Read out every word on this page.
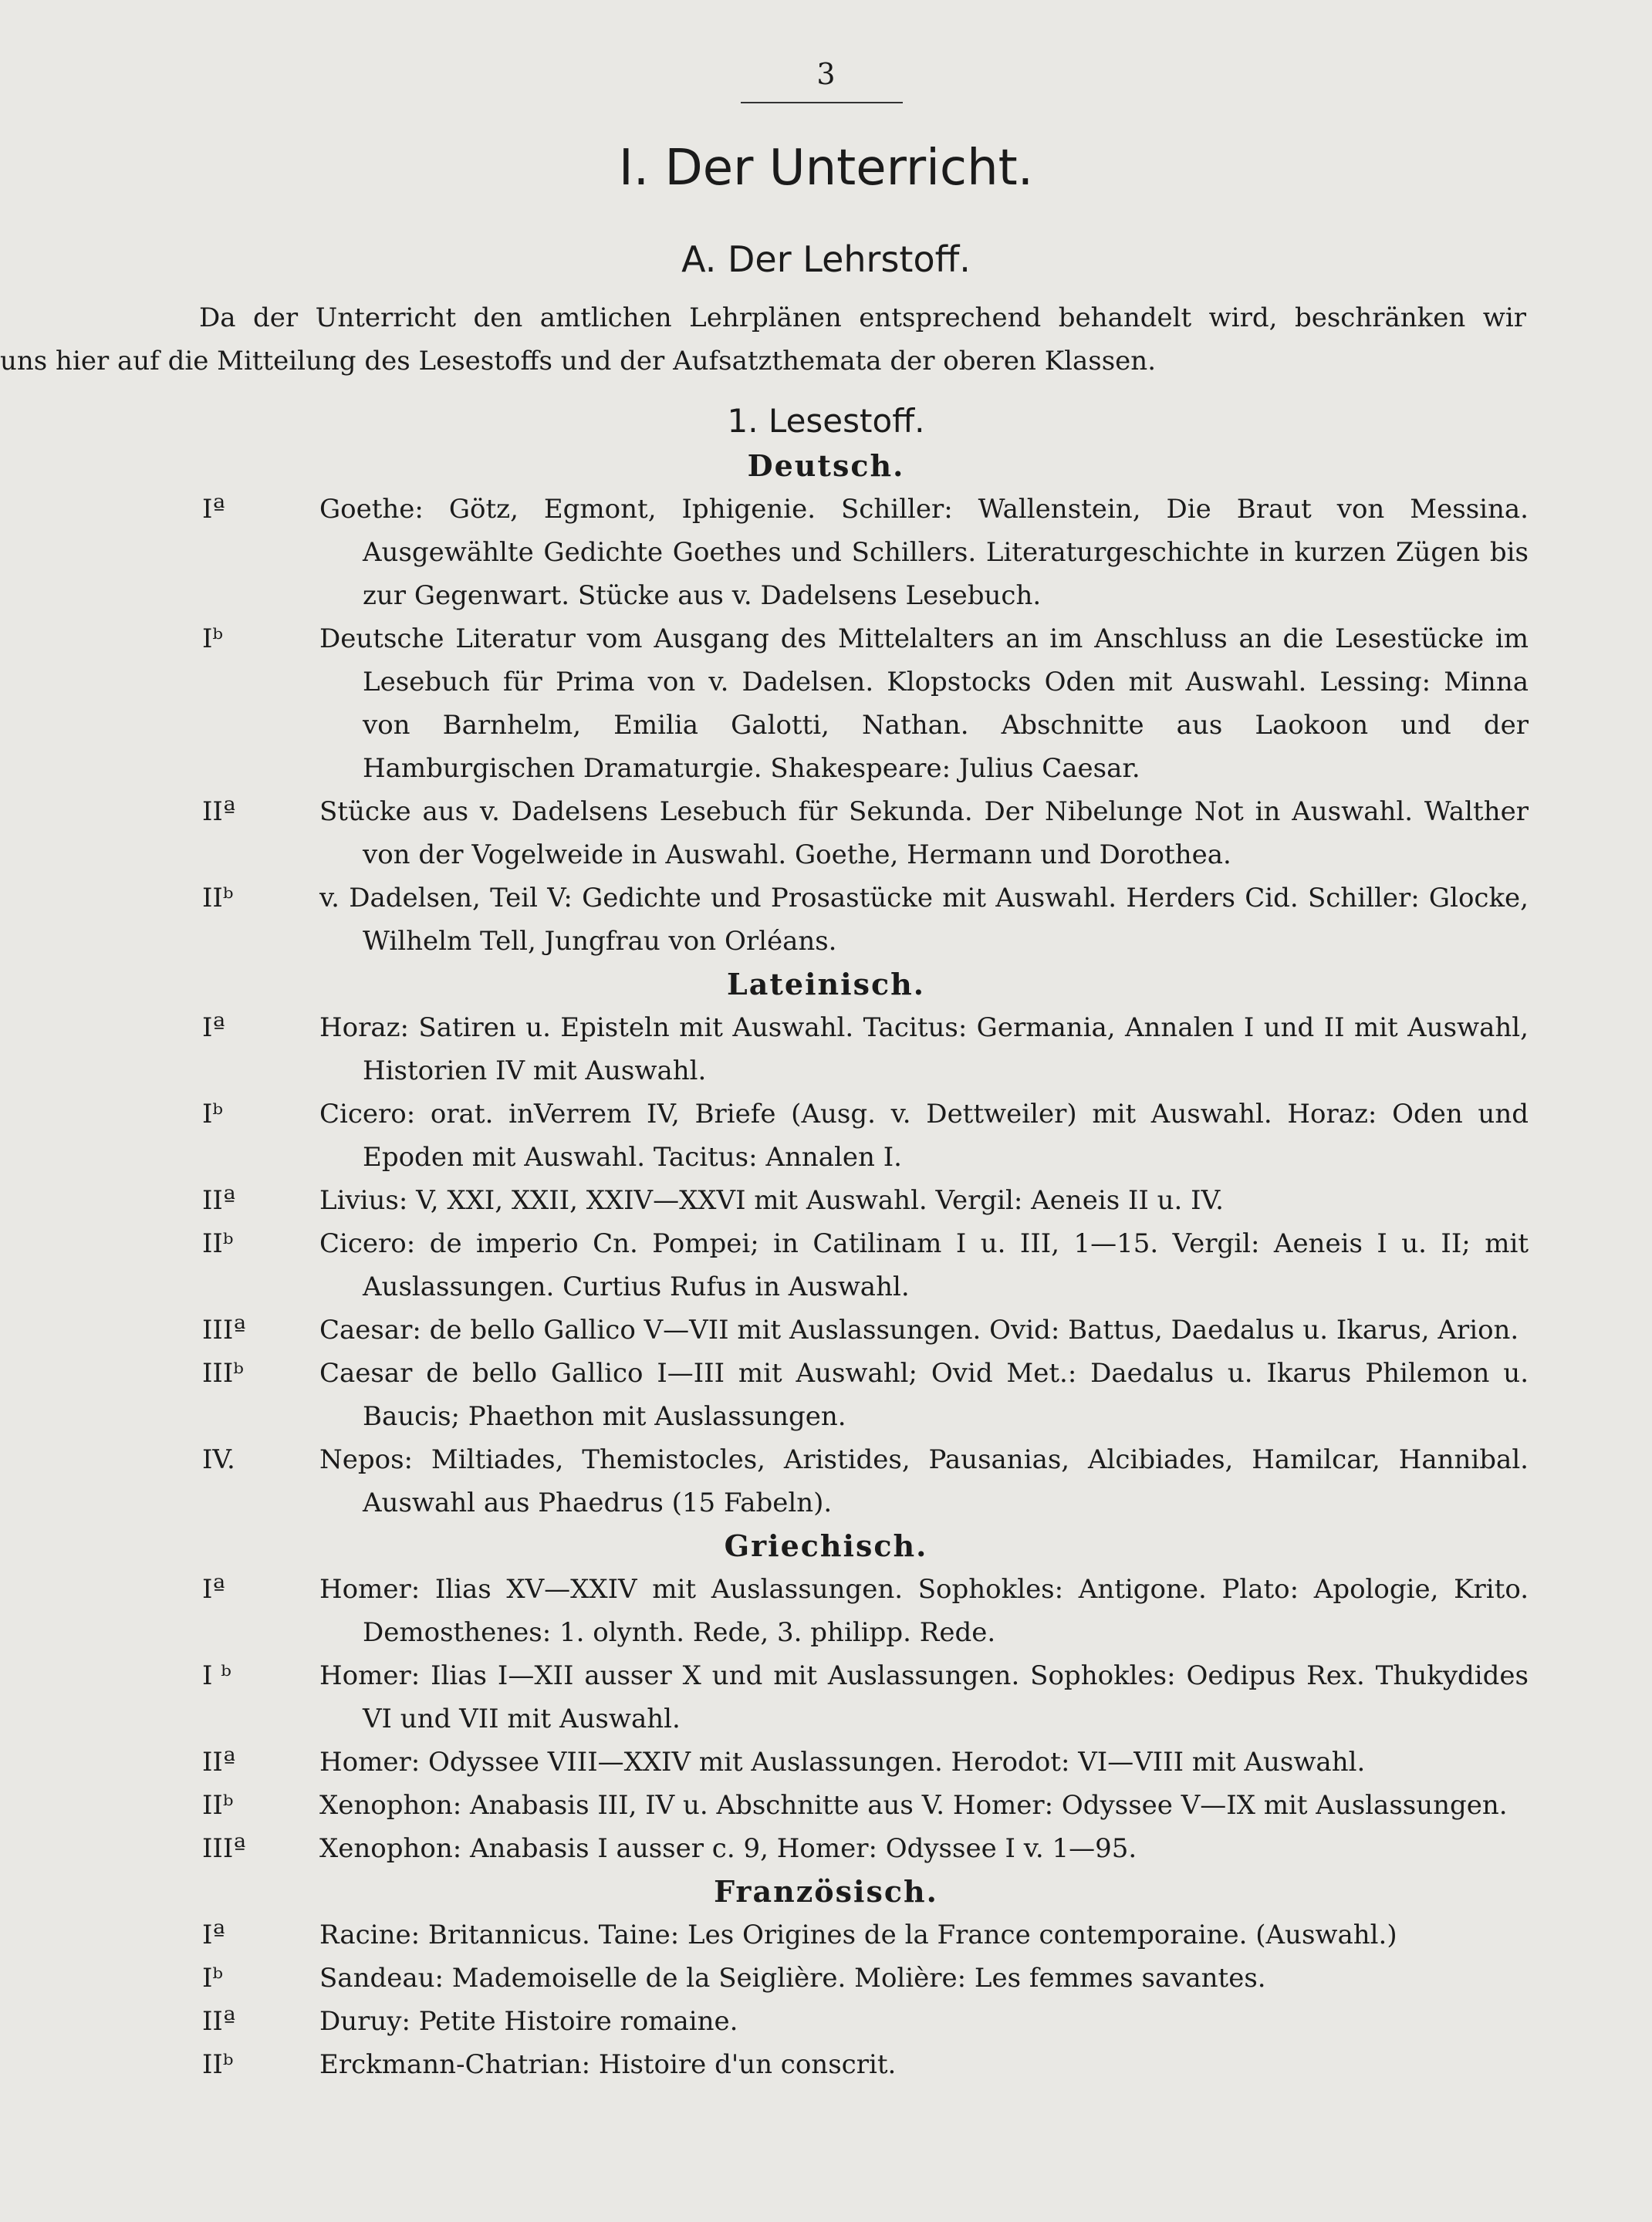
3
I. Der Unterricht.
A. Der Lehrstoff.
Da der Unterricht den amtlichen Lehrplänen entsprechend behandelt wird, beschränken wir
uns hier auf die Mitteilung des Lesestoffs und der Aufsatzthemata der oberen Klassen.
1. Lesestoff.
Deutsch.
Iª	Goethe: Götz, Egmont, Iphigenie. Schiller: Wallenstein, Die Braut von Messina. Ausgewählte Gedichte Goethes und Schillers. Literaturgeschichte in kurzen Zügen bis zur Gegenwart. Stücke aus v. Dadelsens Lesebuch.
Iᵇ	Deutsche Literatur vom Ausgang des Mittelalters an im Anschluss an die Lesestücke im Lesebuch für Prima von v. Dadelsen. Klopstocks Oden mit Auswahl. Lessing: Minna von Barnhelm, Emilia Galotti, Nathan. Abschnitte aus Laokoon und der Hamburgischen Dramaturgie. Shakespeare: Julius Caesar.
IIª	Stücke aus v. Dadelsens Lesebuch für Sekunda. Der Nibelunge Not in Auswahl. Walther von der Vogelweide in Auswahl. Goethe, Hermann und Dorothea.
IIᵇ	v. Dadelsen, Teil V: Gedichte und Prosastücke mit Auswahl. Herders Cid. Schiller: Glocke, Wilhelm Tell, Jungfrau von Orléans.
Lateinisch.
Iª	Horaz: Satiren u. Episteln mit Auswahl. Tacitus: Germania, Annalen I und II mit Auswahl, Historien IV mit Auswahl.
Iᵇ	Cicero: orat. inVerrem IV, Briefe (Ausg. v. Dettweiler) mit Auswahl. Horaz: Oden und Epoden mit Auswahl. Tacitus: Annalen I.
IIª	Livius: V, XXI, XXII, XXIV—XXVI mit Auswahl. Vergil: Aeneis II u. IV.
IIᵇ	Cicero: de imperio Cn. Pompei; in Catilinam I u. III, 1—15. Vergil: Aeneis I u. II; mit Auslassungen. Curtius Rufus in Auswahl.
IIIª	Caesar: de bello Gallico V—VII mit Auslassungen. Ovid: Battus, Daedalus u. Ikarus, Arion.
IIIᵇ	Caesar de bello Gallico I—III mit Auswahl; Ovid Met.: Daedalus u. Ikarus Philemon u. Baucis; Phaethon mit Auslassungen.
IV.	Nepos: Miltiades, Themistocles, Aristides, Pausanias, Alcibiades, Hamilcar, Hannibal. Auswahl aus Phaedrus (15 Fabeln).
Griechisch.
Iª	Homer: Ilias XV—XXIV mit Auslassungen. Sophokles: Antigone. Plato: Apologie, Krito. Demosthenes: 1. olynth. Rede, 3. philipp. Rede.
I ᵇ	Homer: Ilias I—XII ausser X und mit Auslassungen. Sophokles: Oedipus Rex. Thukydides VI und VII mit Auswahl.
IIª	Homer: Odyssee VIII—XXIV mit Auslassungen. Herodot: VI—VIII mit Auswahl.
IIᵇ	Xenophon: Anabasis III, IV u. Abschnitte aus V. Homer: Odyssee V—IX mit Auslassungen.
IIIª	Xenophon: Anabasis I ausser c. 9, Homer: Odyssee I v. 1—95.
Französisch.
Iª	Racine: Britannicus. Taine: Les Origines de la France contemporaine. (Auswahl.)
Iᵇ	Sandeau: Mademoiselle de la Seiglière. Molière: Les femmes savantes.
IIª	Duruy: Petite Histoire romaine.
IIᵇ	Erckmann-Chatrian: Histoire d'un conscrit.
